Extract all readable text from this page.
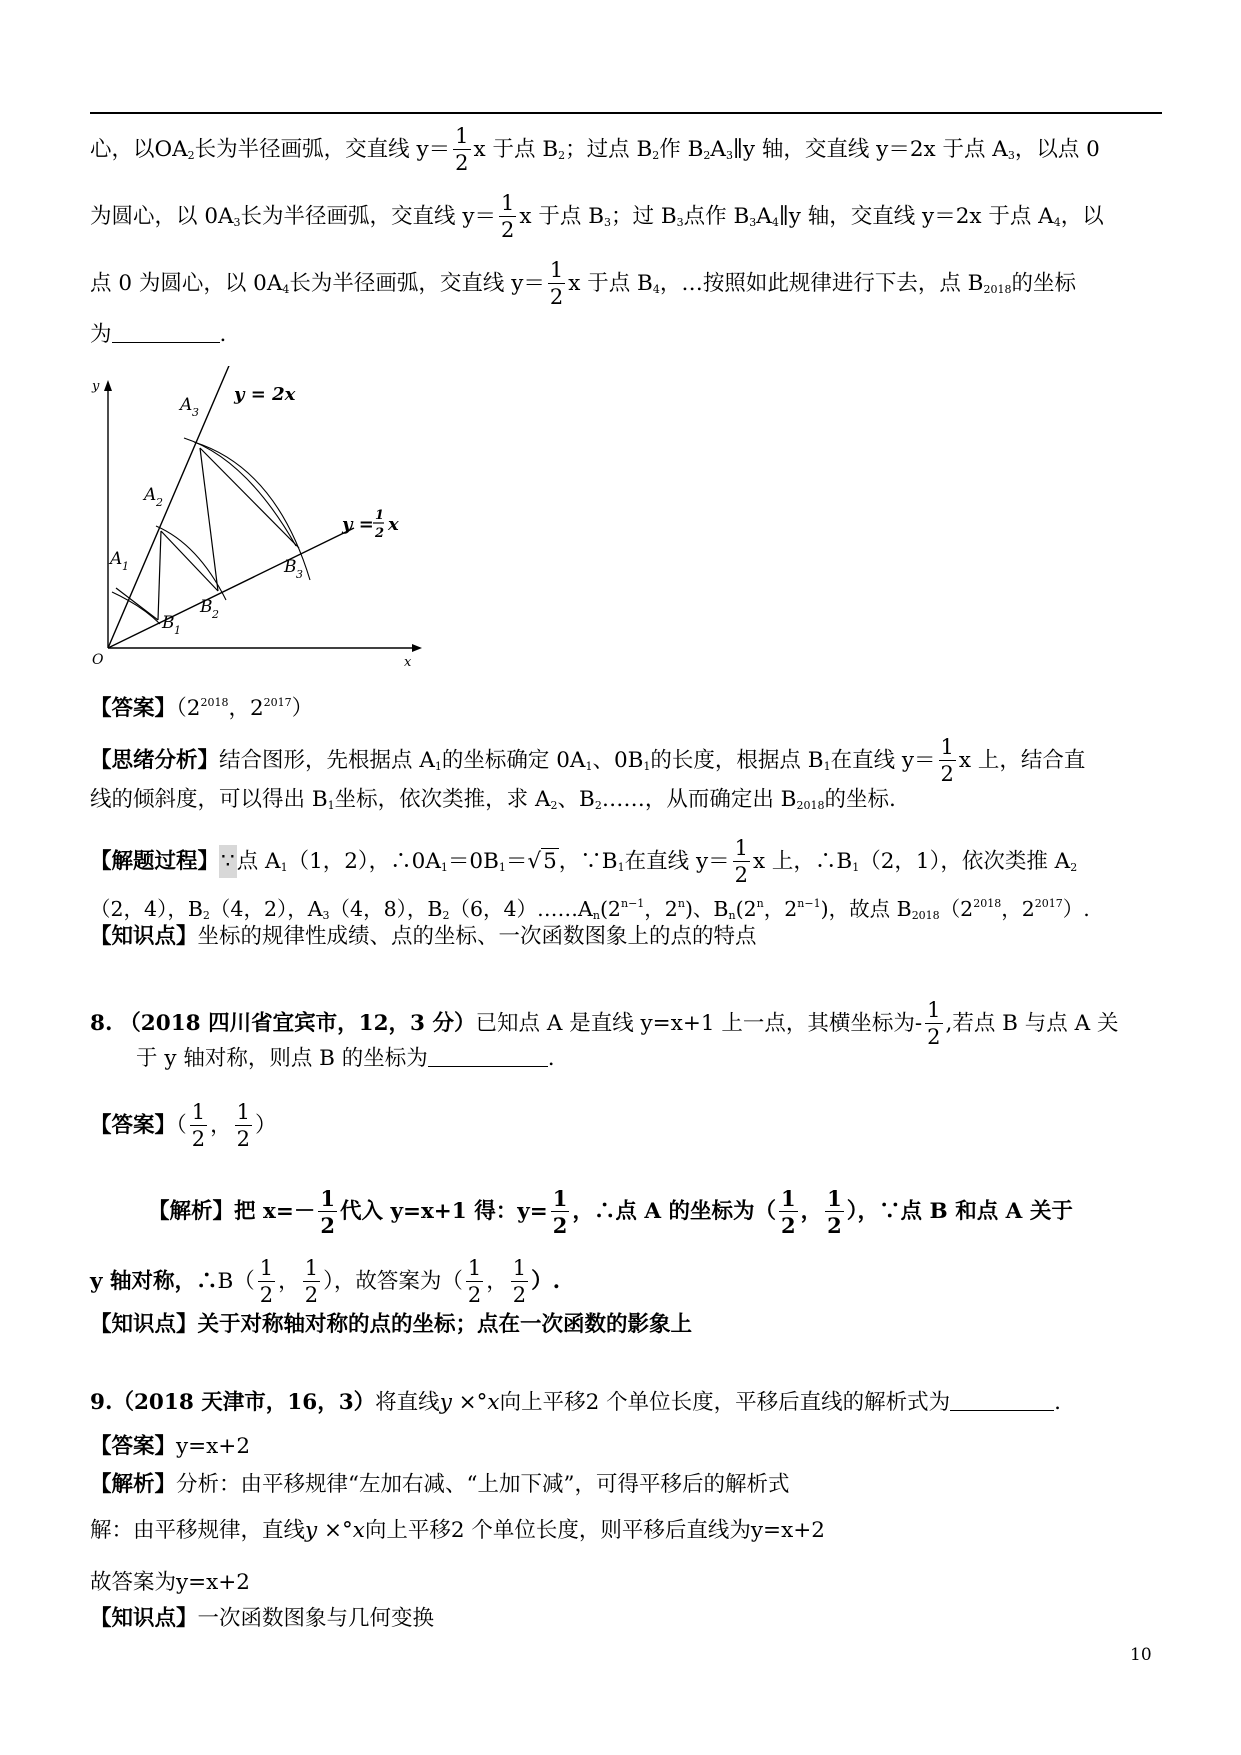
心，以$OA_2$长为半径画弧，交直线 $y= \frac{1}{2}$ x 于点 $B_2$；过点 $B_2$作 $B_2A_3\parallel y$ 轴，交直线 y＝2x 于点 $A_3$，以点 0
为圆心，以 $0A_3$长为半径画弧，交直线 $y= \frac{1}{2}$ x 于点 $B_3$；过 $B_3$点作 $B_3A_4\parallel y$ 轴，交直线 y＝2x 于点 $A_4$，以
点 0 为圆心，以 $0A_4$长为半径画弧，交直线 $y= \frac{1}{2}$ x 于点 $B_4$，…按照如此规律进行下去，点 $B_{2018}$的坐标
为	.
y
x
O
y = 2x
y = 1
2 x
A 3
A 2
A 1
B 1
B 2
B 3
【答案】（$2^{2018}$，$2^{2017}$）
【思绪分析】结合图形，先根据点 $A_1$的坐标确定 $0A_1$、$0B_1$的长度，根据点 $B_1$在直线 $y= \frac{1}{2}$ x 上，结合直
线的倾斜度，可以得出 $B_1$坐标，依次类推，求 $A_2$、$B_2\dots\dots$，从而确定出 $B_{2018}$的坐标.
【解题过程】∵点 $A_1(1$，2），$\therefore 0A_1=0B_1=√5$，$\because B_1$在直线 $y= \frac{1}{2}$ x 上，$\therefore B_1(2$，1），依次类推 $A_2$
（2，4），$B_2(4$，2），$A_3(4$，8），$B_2(6$，$4)\dots\dots A_n(2^{n-1}$，2$^n$)、$B_n(2^n$，$2^{n-1}$)，故点 $B_{2018}(2^{2018}$，$2^{2017}$）.
【知识点】坐标的规律性成绩、点的坐标、一次函数图象上的点的特点
8. （2018 四川省宜宾市，12，3 分）已知点 A 是直线 y=x+1 上一点，其横坐标为- $\frac{1}{2}$ ,若点 B 与点 A 关
于 y 轴对称，则点 B 的坐标为	.
【答案】（ $\frac{1}{2}$ ， $\frac{1}{2}$ ）
【解析】把 $x=- \frac{1}{2}$ 代入 y=x+1 得：$y= \frac{1}{2}$ ，∴点 A 的坐标为（ $\frac{1}{2}$ ， $\frac{1}{2}$ ），∵点 B 和点 A 关于
y 轴对称，∴B（ $\frac{1}{2}$ ， $\frac{1}{2}$ ），故答案为（ $\frac{1}{2}$ ， $\frac{1}{2}$ ）.
【知识点】关于对称轴对称的点的坐标；点在一次函数的影象上
9.（2018 天津市，16，3）将直线y ×°x向上平移2 个单位长度，平移后直线的解析式为	.
【答案】y=x+2
【解析】分析：由平移规律“左加右减、“上加下减”，可得平移后的解析式
解：由平移规律，直线y ×°x向上平移2 个单位长度，则平移后直线为y=x+2
故答案为y=x+2
【知识点】一次函数图象与几何变换
10
